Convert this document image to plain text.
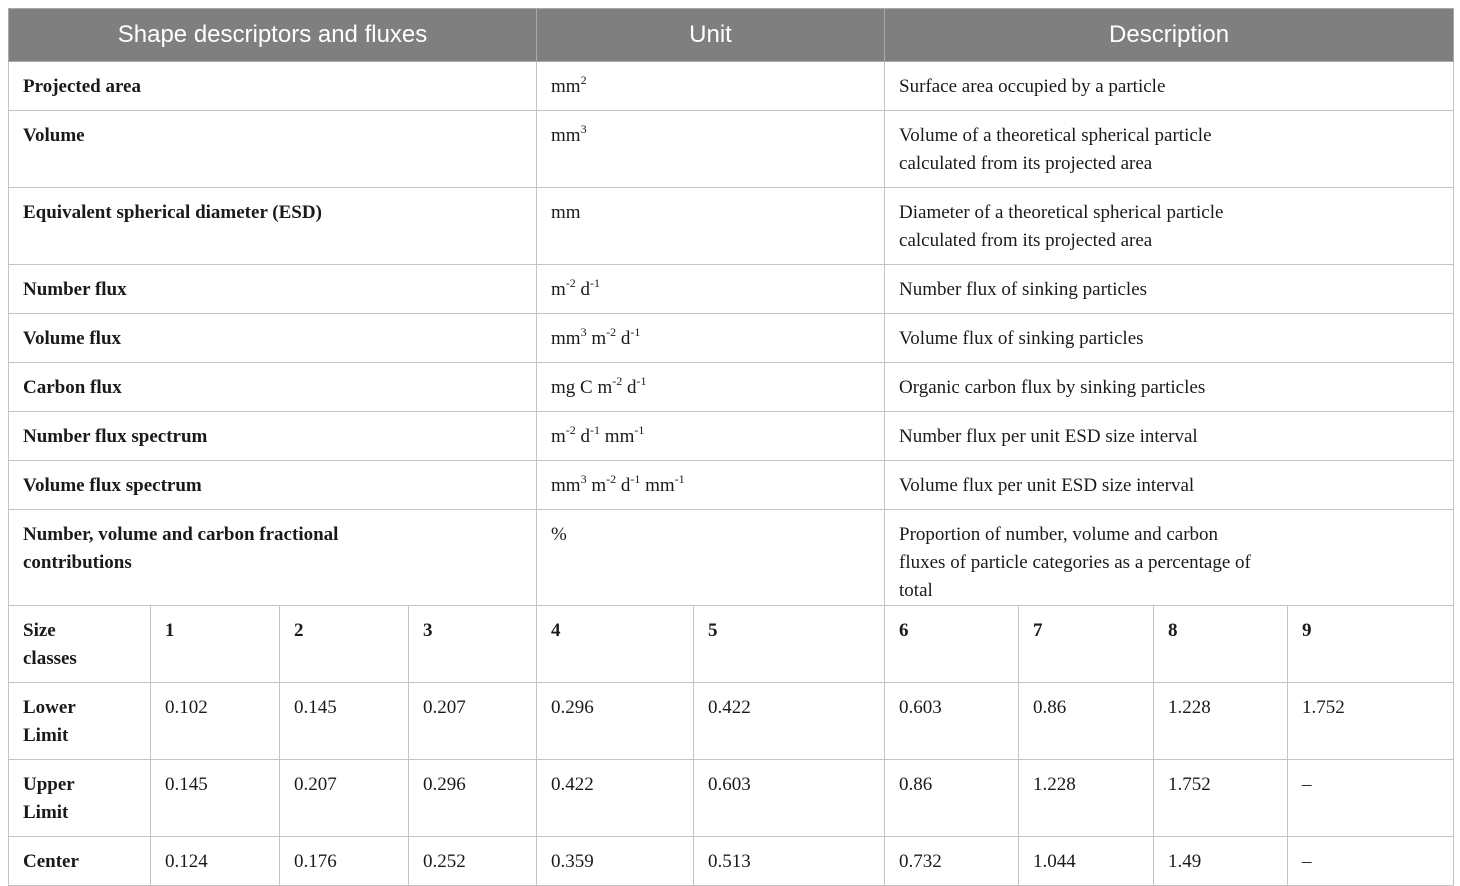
Shape descriptors and fluxes				Unit		Description			
Projected area				$mm^2$		Surface area occupied by a particle			
Volume				$mm^3$		Volume of a theoretical spherical particle calculated from its projected area			
Equivalent spherical diameter (ESD)				mm		Diameter of a theoretical spherical particle calculated from its projected area			
Number flux				$m^{-2}$ $d^{-1}$		Number flux of sinking particles			
Volume flux				$mm^3$ $m^{-2}$ $d^{-1}$		Volume flux of sinking particles			
Carbon flux				mg C $m^{-2}$ $d^{-1}$		Organic carbon flux by sinking particles			
Number flux spectrum				$m^{-2}$ $d^{-1}$ $mm^{-1}$		Number flux per unit ESD size interval			
Volume flux spectrum				$mm^3$ $m^{-2}$ $d^{-1}$ $mm^{-1}$		Volume flux per unit ESD size interval			
Number, volume and carbon fractional contributions				%		Proportion of number, volume and carbon fluxes of particle categories as a percentage of total			
Size classes	1	2	3	4	5	6	7	8	9
Lower Limit	0.102	0.145	0.207	0.296	0.422	0.603	0.86	1.228	1.752
Upper Limit	0.145	0.207	0.296	0.422	0.603	0.86	1.228	1.752	–
Center	0.124	0.176	0.252	0.359	0.513	0.732	1.044	1.49	–
